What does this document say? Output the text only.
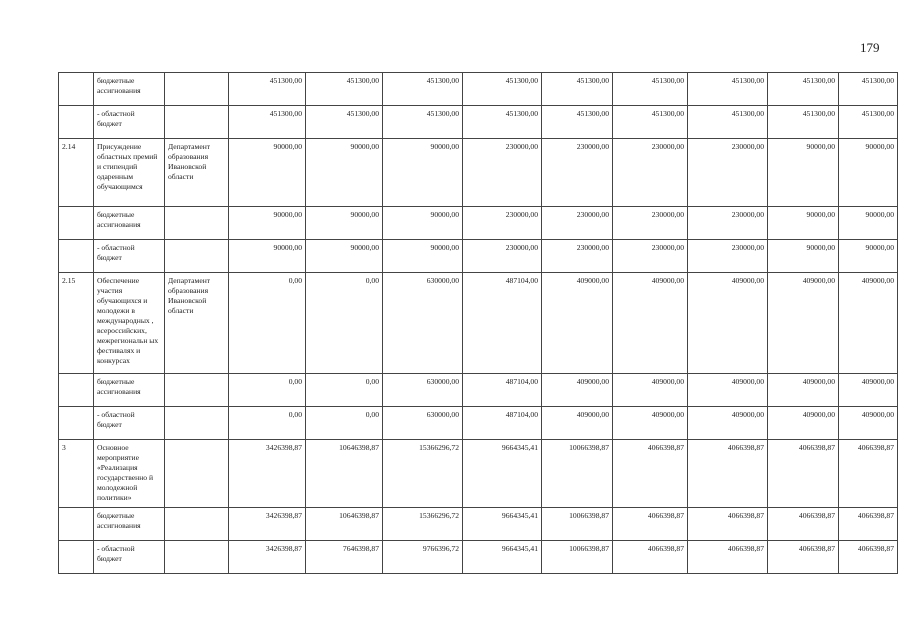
179
	бюджетные ассигнования		451300,00	451300,00	451300,00	451300,00	451300,00	451300,00	451300,00	451300,00	451300,00
	- областной бюджет		451300,00	451300,00	451300,00	451300,00	451300,00	451300,00	451300,00	451300,00	451300,00
2.14	Присуждение областных премий и стипендий одаренным обучающимся	Департамент образования Ивановской области	90000,00	90000,00	90000,00	230000,00	230000,00	230000,00	230000,00	90000,00	90000,00
	бюджетные ассигнования		90000,00	90000,00	90000,00	230000,00	230000,00	230000,00	230000,00	90000,00	90000,00
	- областной бюджет		90000,00	90000,00	90000,00	230000,00	230000,00	230000,00	230000,00	90000,00	90000,00
2.15	Обеспечение участия обучающихся и молодежи в международных , всероссийских, межрегиональн ых фестивалях и конкурсах	Департамент образования Ивановской области	0,00	0,00	630000,00	487104,00	409000,00	409000,00	409000,00	409000,00	409000,00
	бюджетные ассигнования		0,00	0,00	630000,00	487104,00	409000,00	409000,00	409000,00	409000,00	409000,00
	- областной бюджет		0,00	0,00	630000,00	487104,00	409000,00	409000,00	409000,00	409000,00	409000,00
3	Основное мероприятие «Реализация государственно й молодежной политики»		3426398,87	10646398,87	15366296,72	9664345,41	10066398,87	4066398,87	4066398,87	4066398,87	4066398,87
	бюджетные ассигнования		3426398,87	10646398,87	15366296,72	9664345,41	10066398,87	4066398,87	4066398,87	4066398,87	4066398,87
	- областной бюджет		3426398,87	7646398,87	9766396,72	9664345,41	10066398,87	4066398,87	4066398,87	4066398,87	4066398,87
